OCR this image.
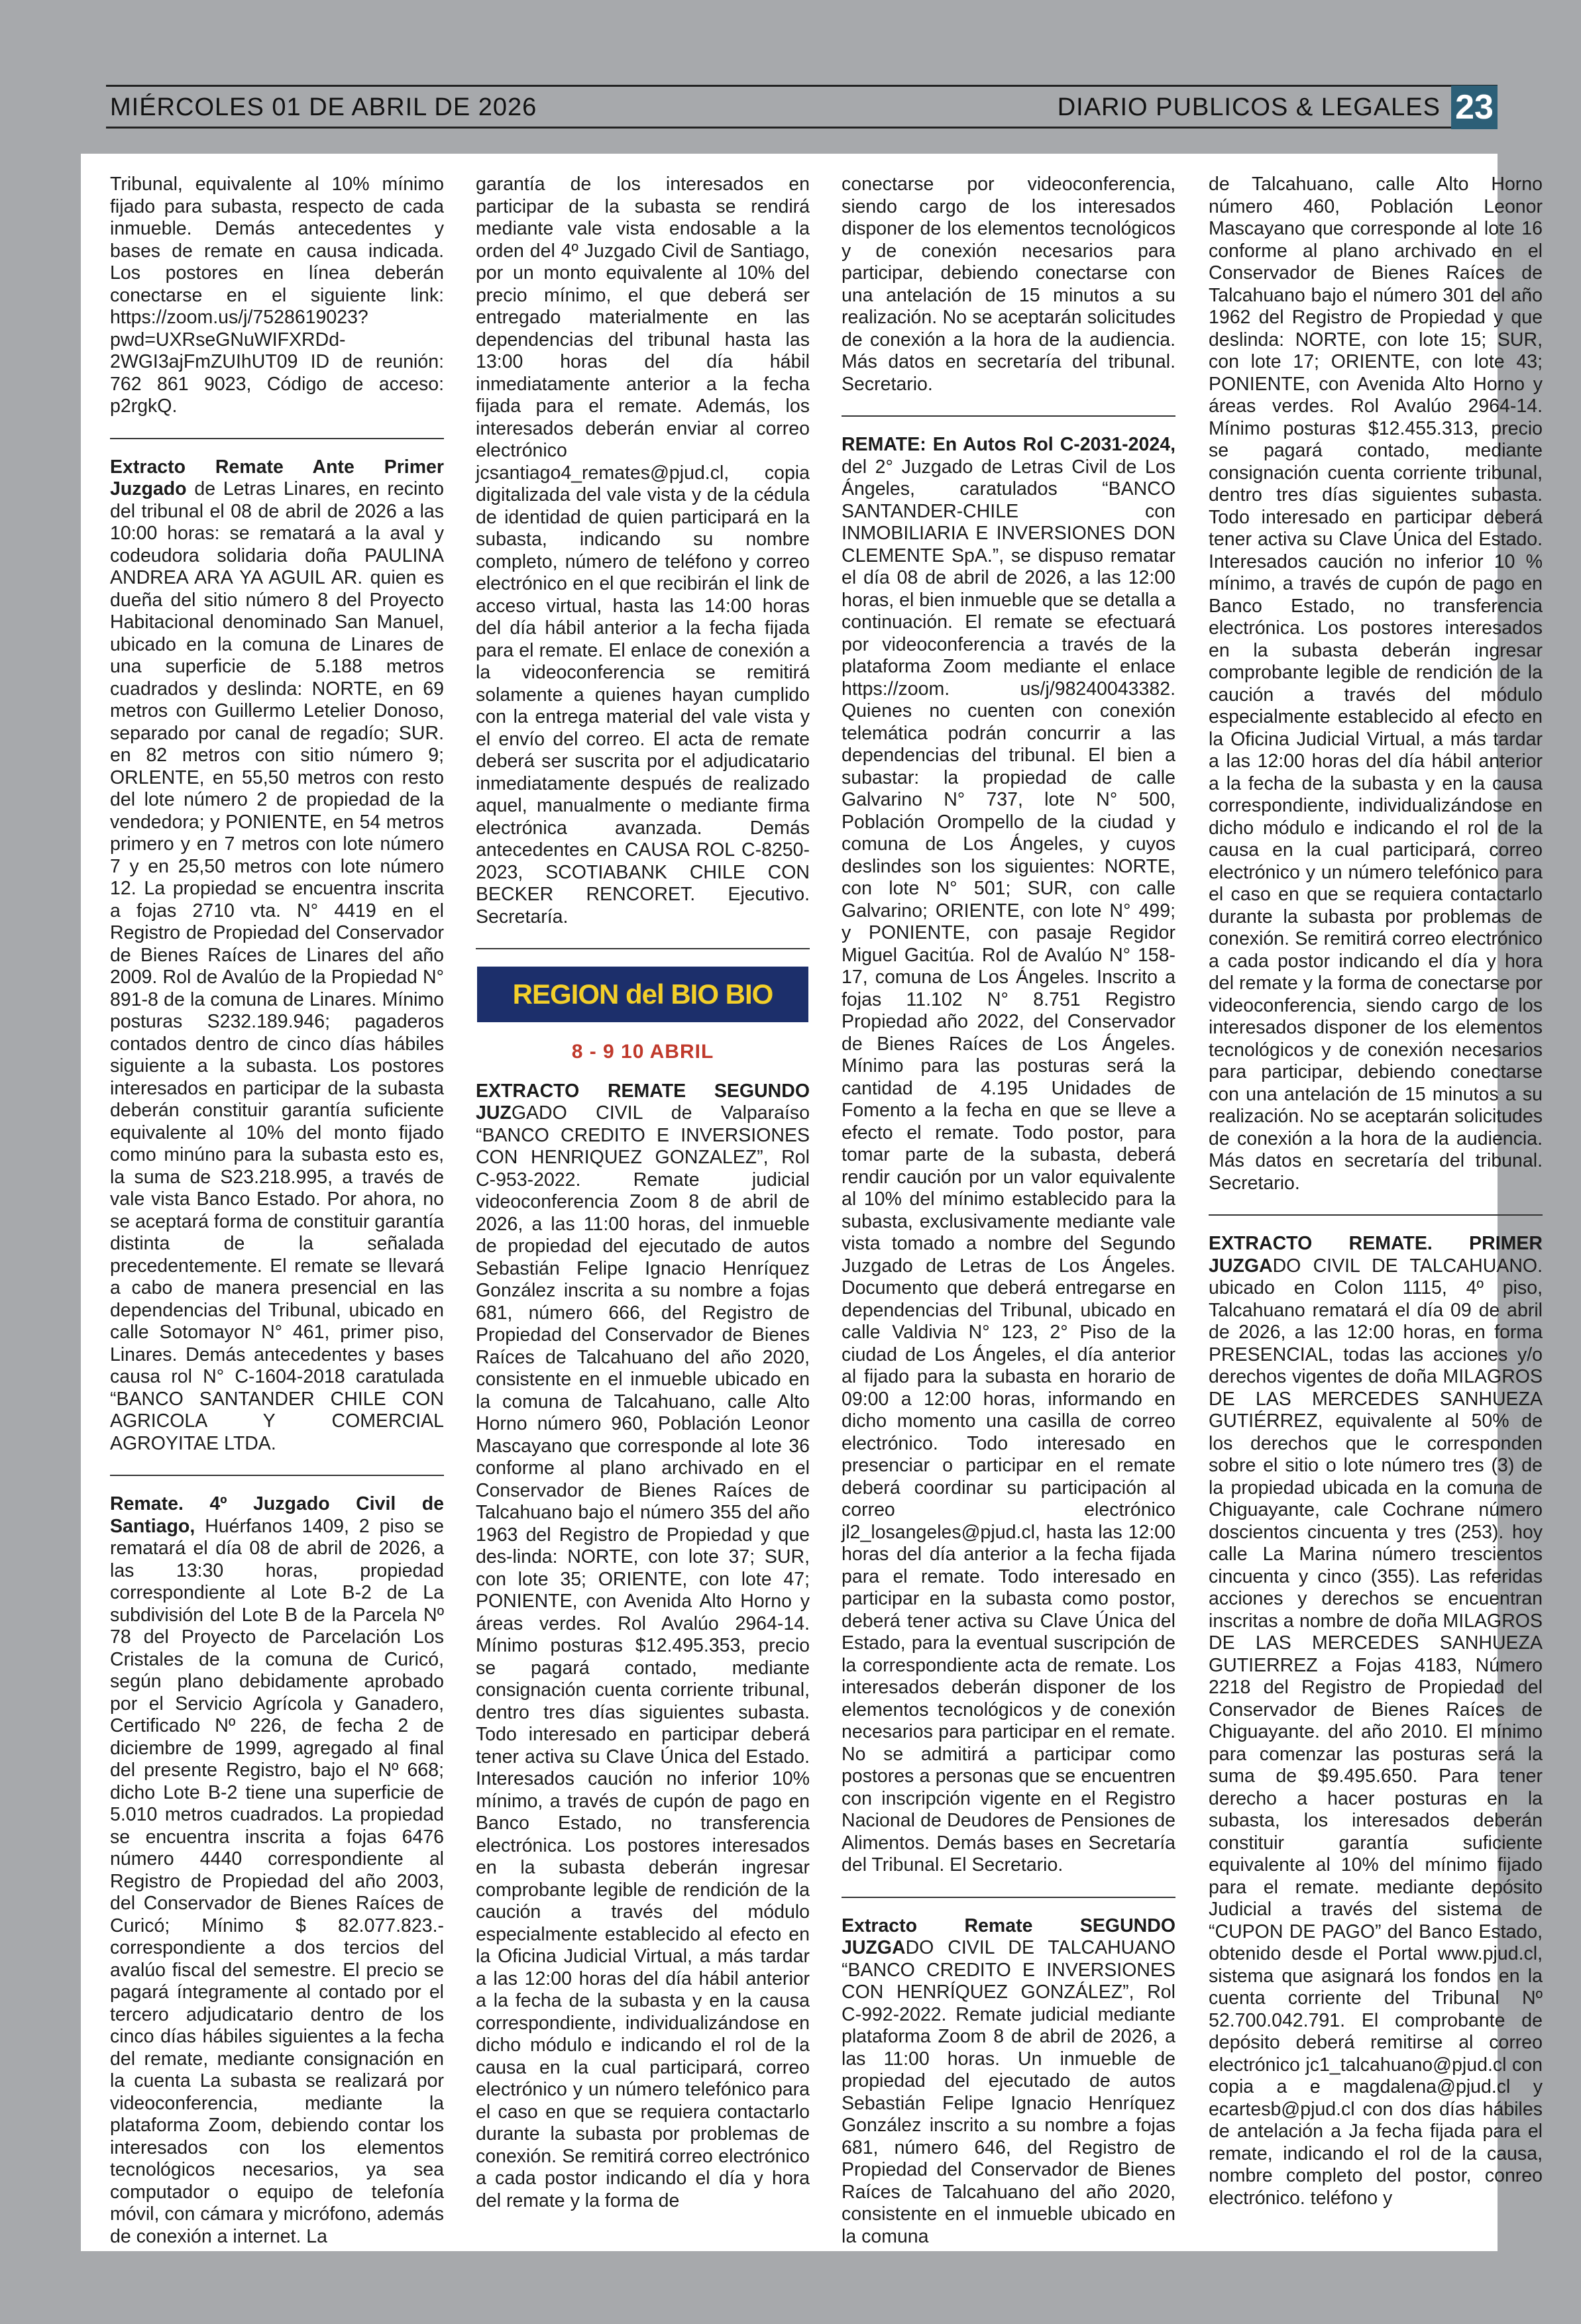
MIÉRCOLES 01 DE ABRIL DE 2026	DIARIO PUBLICOS & LEGALES 23

Tribunal, equivalente al 10% mínimo fijado para subasta, respecto de cada inmueble. Demás antecedentes y bases de remate en causa indicada. Los postores en línea deberán conectarse en el siguiente link: https://zoom.us/j/7528619023?pwd=UXRseGNuWIFXRDd-2WGI3ajFmZUIhUT09 ID de reunión: 762 861 9023, Código de acceso: p2rgkQ.

Extracto Remate Ante Primer Juzgado de Letras Linares, en recinto del tribunal el 08 de abril de 2026 a las 10:00 horas: se rematará a la aval y codeudora solidaria doña PAULINA ANDREA ARA YA AGUIL AR. quien es dueña del sitio número 8 del Proyecto Habitacional denominado San Manuel, ubicado en la comuna de Linares de una superficie de 5.188 metros cuadrados y deslinda: NORTE, en 69 metros con Guillermo Letelier Donoso, separado por canal de regadío; SUR. en 82 metros con sitio número 9; ORLENTE, en 55,50 metros con resto del lote número 2 de propiedad de la vendedora; y PONIENTE, en 54 metros primero y en 7 metros con lote número 7 y en 25,50 metros con lote número 12. La propiedad se encuentra inscrita a fojas 2710 vta. N° 4419 en el Registro de Propiedad del Conservador de Bienes Raíces de Linares del año 2009. Rol de Avalúo de la Propiedad N° 891-8 de la comuna de Linares. Mínimo posturas S232.189.946; pagaderos contados dentro de cinco días hábiles siguiente a la subasta. Los postores interesados en participar de la subasta deberán constituir garantía suficiente equivalente al 10% del monto fijado como minúno para la subasta esto es, la suma de S23.218.995, a través de vale vista Banco Estado. Por ahora, no se aceptará forma de constituir garantía distinta de la señalada precedentemente. El remate se llevará a cabo de manera presencial en las dependencias del Tribunal, ubicado en calle Sotomayor N° 461, primer piso, Linares. Demás antecedentes y bases causa rol N° C-1604-2018 caratulada “BANCO SANTANDER CHILE CON AGRICOLA Y COMERCIAL AGROYITAE LTDA.

Remate. 4º Juzgado Civil de Santiago, Huérfanos 1409, 2 piso se rematará el día 08 de abril de 2026, a las 13:30 horas, propiedad correspondiente al Lote B-2 de La subdivisión del Lote B de la Parcela Nº 78 del Proyecto de Parcelación Los Cristales de la comuna de Curicó, según plano debidamente aprobado por el Servicio Agrícola y Ganadero, Certificado Nº 226, de fecha 2 de diciembre de 1999, agregado al final del presente Registro, bajo el Nº 668; dicho Lote B-2 tiene una superficie de 5.010 metros cuadrados. La propiedad se encuentra inscrita a fojas 6476 número 4440 correspondiente al Registro de Propiedad del año 2003, del Conservador de Bienes Raíces de Curicó; Mínimo $ 82.077.823.- correspondiente a dos tercios del avalúo fiscal del semestre. El precio se pagará íntegramente al contado por el tercero adjudicatario dentro de los cinco días hábiles siguientes a la fecha del remate, mediante consignación en la cuenta La subasta se realizará por videoconferencia, mediante la plataforma Zoom, debiendo contar los interesados con los elementos tecnológicos necesarios, ya sea computador o equipo de telefonía móvil, con cámara y micrófono, además de conexión a internet. La

garantía de los interesados en participar de la subasta se rendirá mediante vale vista endosable a la orden del 4º Juzgado Civil de Santiago, por un monto equivalente al 10% del precio mínimo, el que deberá ser entregado materialmente en las dependencias del tribunal hasta las 13:00 horas del día hábil inmediatamente anterior a la fecha fijada para el remate. Además, los interesados deberán enviar al correo electrónico jcsantiago4_remates@pjud.cl, copia digitalizada del vale vista y de la cédula de identidad de quien participará en la subasta, indicando su nombre completo, número de teléfono y correo electrónico en el que recibirán el link de acceso virtual, hasta las 14:00 horas del día hábil anterior a la fecha fijada para el remate. El enlace de conexión a la videoconferencia se remitirá solamente a quienes hayan cumplido con la entrega material del vale vista y el envío del correo. El acta de remate deberá ser suscrita por el adjudicatario inmediatamente después de realizado aquel, manualmente o mediante firma electrónica avanzada. Demás antecedentes en CAUSA ROL C-8250-2023, SCOTIABANK CHILE CON BECKER RENCORET. Ejecutivo. Secretaría.

REGION del BIO BIO
8 - 9 10 ABRIL

EXTRACTO REMATE SEGUNDO JUZGADO CIVIL de Valparaíso “BANCO CREDITO E INVERSIONES CON HENRIQUEZ GONZALEZ”, Rol C-953-2022. Remate judicial videoconferencia Zoom 8 de abril de 2026, a las 11:00 horas, del inmueble de propiedad del ejecutado de autos Sebastián Felipe Ignacio Henríquez González inscrita a su nombre a fojas 681, número 666, del Registro de Propiedad del Conservador de Bienes Raíces de Talcahuano del año 2020, consistente en el inmueble ubicado en la comuna de Talcahuano, calle Alto Horno número 960, Población Leonor Mascayano que corresponde al lote 36 conforme al plano archivado en el Conservador de Bienes Raíces de Talcahuano bajo el número 355 del año 1963 del Registro de Propiedad y que des-linda: NORTE, con lote 37; SUR, con lote 35; ORIENTE, con lote 47; PONIENTE, con Avenida Alto Horno y áreas verdes. Rol Avalúo 2964-14. Mínimo posturas $12.495.353, precio se pagará contado, mediante consignación cuenta corriente tribunal, dentro tres días siguientes subasta. Todo interesado en participar deberá tener activa su Clave Única del Estado. Interesados caución no inferior 10% mínimo, a través de cupón de pago en Banco Estado, no transferencia electrónica. Los postores interesados en la subasta deberán ingresar comprobante legible de rendición de la caución a través del módulo especialmente establecido al efecto en la Oficina Judicial Virtual, a más tardar a las 12:00 horas del día hábil anterior a la fecha de la subasta y en la causa correspondiente, individualizándose en dicho módulo e indicando el rol de la causa en la cual participará, correo electrónico y un número telefónico para el caso en que se requiera contactarlo durante la subasta por problemas de conexión. Se remitirá correo electrónico a cada postor indicando el día y hora del remate y la forma de

conectarse por videoconferencia, siendo cargo de los interesados disponer de los elementos tecnológicos y de conexión necesarios para participar, debiendo conectarse con una antelación de 15 minutos a su realización. No se aceptarán solicitudes de conexión a la hora de la audiencia. Más datos en secretaría del tribunal. Secretario.

REMATE: En Autos Rol C-2031-2024, del 2° Juzgado de Letras Civil de Los Ángeles, caratulados “BANCO SANTANDER-CHILE con INMOBILIARIA E INVERSIONES DON CLEMENTE SpA.”, se dispuso rematar el día 08 de abril de 2026, a las 12:00 horas, el bien inmueble que se detalla a continuación. El remate se efectuará por videoconferencia a través de la plataforma Zoom mediante el enlace https://zoom. us/j/98240043382. Quienes no cuenten con conexión telemática podrán concurrir a las dependencias del tribunal. El bien a subastar: la propiedad de calle Galvarino N° 737, lote N° 500, Población Orompello de la ciudad y comuna de Los Ángeles, y cuyos deslindes son los siguientes: NORTE, con lote N° 501; SUR, con calle Galvarino; ORIENTE, con lote N° 499; y PONIENTE, con pasaje Regidor Miguel Gacitúa. Rol de Avalúo N° 158-17, comuna de Los Ángeles. Inscrito a fojas 11.102 N° 8.751 Registro Propiedad año 2022, del Conservador de Bienes Raíces de Los Ángeles. Mínimo para las posturas será la cantidad de 4.195 Unidades de Fomento a la fecha en que se lleve a efecto el remate. Todo postor, para tomar parte de la subasta, deberá rendir caución por un valor equivalente al 10% del mínimo establecido para la subasta, exclusivamente mediante vale vista tomado a nombre del Segundo Juzgado de Letras de Los Ángeles. Documento que deberá entregarse en dependencias del Tribunal, ubicado en calle Valdivia N° 123, 2° Piso de la ciudad de Los Ángeles, el día anterior al fijado para la subasta en horario de 09:00 a 12:00 horas, informando en dicho momento una casilla de correo electrónico. Todo interesado en presenciar o participar en el remate deberá coordinar su participación al correo electrónico jl2_losangeles@pjud.cl, hasta las 12:00 horas del día anterior a la fecha fijada para el remate. Todo interesado en participar en la subasta como postor, deberá tener activa su Clave Única del Estado, para la eventual suscripción de la correspondiente acta de remate. Los interesados deberán disponer de los elementos tecnológicos y de conexión necesarios para participar en el remate. No se admitirá a participar como postores a personas que se encuentren con inscripción vigente en el Registro Nacional de Deudores de Pensiones de Alimentos. Demás bases en Secretaría del Tribunal. El Secretario.

Extracto Remate SEGUNDO JUZGADO CIVIL DE TALCAHUANO “BANCO CREDITO E INVERSIONES CON HENRÍQUEZ GONZÁLEZ”, Rol C-992-2022. Remate judicial mediante plataforma Zoom 8 de abril de 2026, a las 11:00 horas. Un inmueble de propiedad del ejecutado de autos Sebastián Felipe Ignacio Henríquez González inscrito a su nombre a fojas 681, número 646, del Registro de Propiedad del Conservador de Bienes Raíces de Talcahuano del año 2020, consistente en el inmueble ubicado en la comuna

de Talcahuano, calle Alto Horno número 460, Población Leonor Mascayano que corresponde al lote 16 conforme al plano archivado en el Conservador de Bienes Raíces de Talcahuano bajo el número 301 del año 1962 del Registro de Propiedad y que deslinda: NORTE, con lote 15; SUR, con lote 17; ORIENTE, con lote 43; PONIENTE, con Avenida Alto Horno y áreas verdes. Rol Avalúo 2964-14. Mínimo posturas $12.455.313, precio se pagará contado, mediante consignación cuenta corriente tribunal, dentro tres días siguientes subasta. Todo interesado en participar deberá tener activa su Clave Única del Estado. Interesados caución no inferior 10 % mínimo, a través de cupón de pago en Banco Estado, no transferencia electrónica. Los postores interesados en la subasta deberán ingresar comprobante legible de rendición de la caución a través del módulo especialmente establecido al efecto en la Oficina Judicial Virtual, a más tardar a las 12:00 horas del día hábil anterior a la fecha de la subasta y en la causa correspondiente, individualizándose en dicho módulo e indicando el rol de la causa en la cual participará, correo electrónico y un número telefónico para el caso en que se requiera contactarlo durante la subasta por problemas de conexión. Se remitirá correo electrónico a cada postor indicando el día y hora del remate y la forma de conectarse por videoconferencia, siendo cargo de los interesados disponer de los elementos tecnológicos y de conexión necesarios para participar, debiendo conectarse con una antelación de 15 minutos a su realización. No se aceptarán solicitudes de conexión a la hora de la audiencia. Más datos en secretaría del tribunal. Secretario.

EXTRACTO REMATE. PRIMER JUZGADO CIVIL DE TALCAHUANO. ubicado en Colon 1115, 4º piso, Talcahuano rematará el día 09 de abril de 2026, a las 12:00 horas, en forma PRESENCIAL, todas las acciones y/o derechos vigentes de doña MILAGROS DE LAS MERCEDES SANHUEZA GUTIÉRREZ, equivalente al 50% de los derechos que le corresponden sobre el sitio o lote número tres (3) de la propiedad ubicada en la comuna de Chiguayante, cale Cochrane número doscientos cincuenta y tres (253). hoy calle La Marina número trescientos cincuenta y cinco (355). Las referidas acciones y derechos se encuentran inscritas a nombre de doña MILAGROS DE LAS MERCEDES SANHUEZA GUTIERREZ a Fojas 4183, Número 2218 del Registro de Propiedad del Conservador de Bienes Raíces de Chiguayante. del año 2010. El mínimo para comenzar las posturas será la suma de $9.495.650. Para tener derecho a hacer posturas en la subasta, los interesados deberán constituir garantía suficiente equivalente al 10% del mínimo fijado para el remate. mediante depósito Judicial a través del sistema de “CUPON DE PAGO” del Banco Estado, obtenido desde el Portal www.pjud.cl, sistema que asignará los fondos en la cuenta corriente del Tribunal Nº 52.700.042.791. El comprobante de depósito deberá remitirse al correo electrónico jc1_talcahuano@pjud.cl con copia a e magdalena@pjud.cl y ecartesb@pjud.cl con dos días hábiles de antelación a Ja fecha fijada para el remate, indicando el rol de la causa, nombre completo del postor, conreo electrónico. teléfono y
